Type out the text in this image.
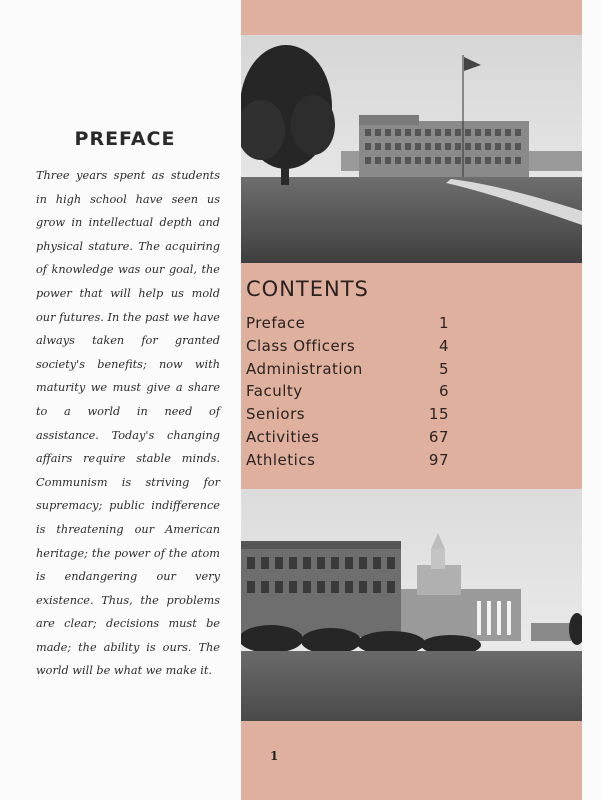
PREFACE

Three years spent as students in high school have seen us grow in intellectual depth and physical stature. The acquiring of knowledge was our goal, the power that will help us mold our futures. In the past we have always taken for granted society's benefits; now with maturity we must give a share to a world in need of assistance. Today's changing affairs require stable minds. Communism is striving for supremacy; public indifference is threatening our American heritage; the power of the atom is endangering our very existence. Thus, the problems are clear; decisions must be made; the ability is ours. The world will be what we make it.

CONTENTS
Preface	1
Class Officers	4
Administration	5
Faculty	6
Seniors	15
Activities	67
Athletics	97
1
